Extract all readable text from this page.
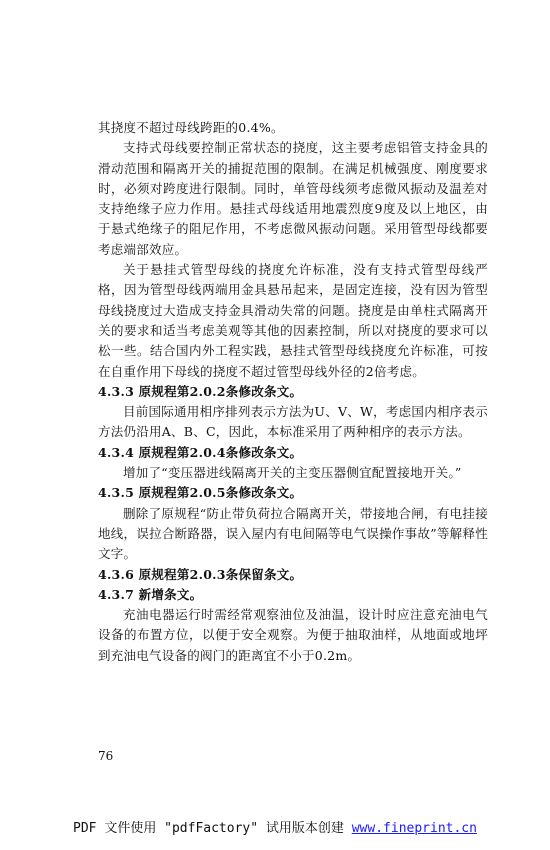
其挠度不超过母线跨距的0.4%。

支持式母线要控制正常状态的挠度，这主要考虑铝管支持金具的滑动范围和隔离开关的捕捉范围的限制。在满足机械强度、刚度要求时，必须对跨度进行限制。同时，单管母线须考虑微风振动及温差对支持绝缘子应力作用。悬挂式母线适用地震烈度9度及以上地区，由于悬式绝缘子的阻尼作用，不考虑微风振动问题。采用管型母线都要考虑端部效应。

关于悬挂式管型母线的挠度允许标准，没有支持式管型母线严格，因为管型母线两端用金具悬吊起来，是固定连接，没有因为管型母线挠度过大造成支持金具滑动失常的问题。挠度是由单柱式隔离开关的要求和适当考虑美观等其他的因素控制，所以对挠度的要求可以松一些。结合国内外工程实践，悬挂式管型母线挠度允许标准，可按在自重作用下母线的挠度不超过管型母线外径的2倍考虑。

4.3.3 原规程第2.0.2条修改条文。

目前国际通用相序排列表示方法为U、V、W，考虑国内相序表示方法仍沿用A、B、C，因此，本标准采用了两种相序的表示方法。

4.3.4 原规程第2.0.4条修改条文。

增加了“变压器进线隔离开关的主变压器侧宜配置接地开关。”

4.3.5 原规程第2.0.5条修改条文。

删除了原规程“防止带负荷拉合隔离开关，带接地合闸，有电挂接地线，误拉合断路器，误入屋内有电间隔等电气误操作事故”等解释性文字。

4.3.6 原规程第2.0.3条保留条文。

4.3.7 新增条文。

充油电器运行时需经常观察油位及油温，设计时应注意充油电气设备的布置方位，以便于安全观察。为便于抽取油样，从地面或地坪到充油电气设备的阀门的距离宜不小于0.2m。

76
PDF 文件使用 "pdfFactory" 试用版本创建 www.fineprint.cn
